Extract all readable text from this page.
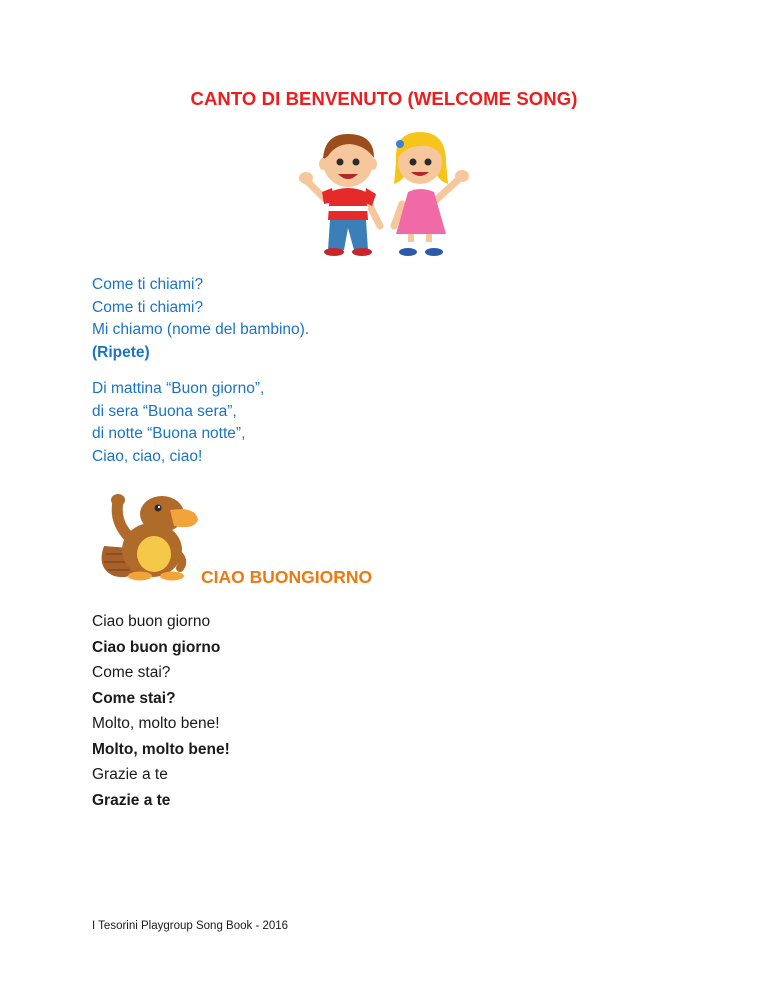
CANTO DI BENVENUTO (WELCOME SONG)
Come ti chiami?
Come ti chiami?
Mi chiamo (nome del bambino).
(Ripete)
Di mattina “Buon giorno”,
di sera “Buona sera”,
di notte “Buona notte”,
Ciao, ciao, ciao!
CIAO BUONGIORNO
Ciao buon giorno
Ciao buon giorno
Come stai?
Come stai?
Molto, molto bene!
Molto, molto bene!
Grazie a te
Grazie a te
I Tesorini Playgroup Song Book - 2016
